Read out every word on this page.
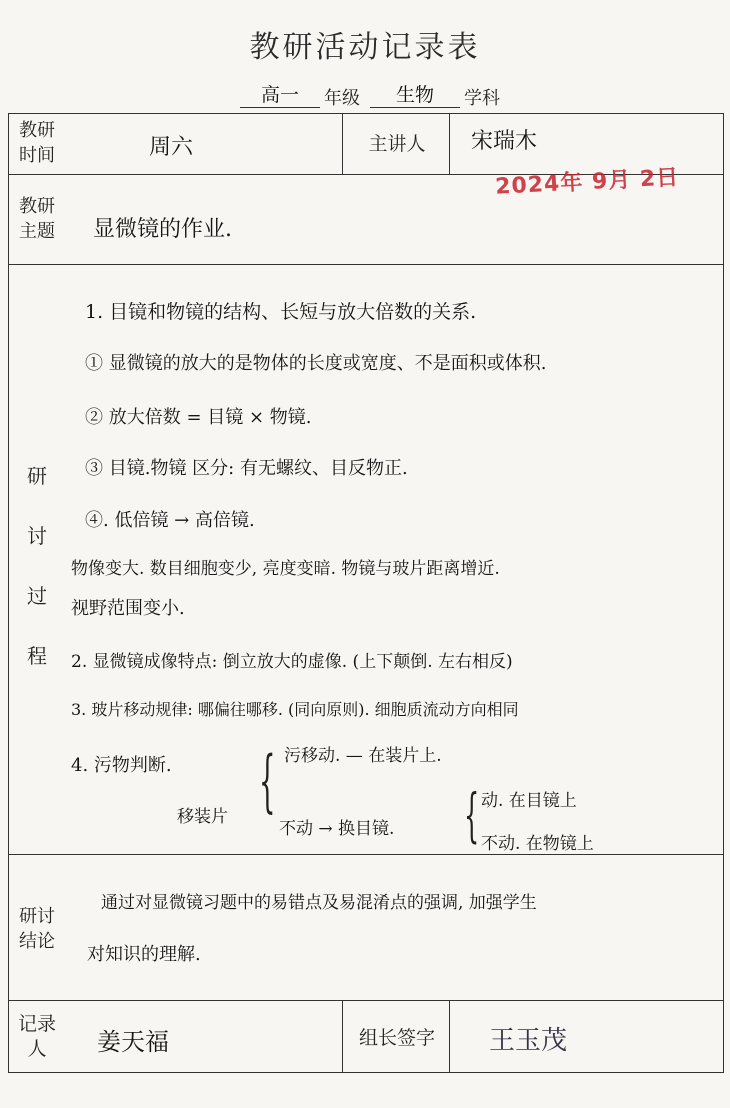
教研活动记录表
高一	年级	生物	学科
教研时间	周六	主讲人	宋瑞木
教研主题 显微镜的作业.
研
讨
过
程
1. 目镜和物镜的结构、长短与放大倍数的关系.
① 显微镜的放大的是物体的长度或宽度、不是面积或体积.
② 放大倍数 = 目镜 × 物镜.
③ 目镜.物镜 区分: 有无螺纹、目反物正.
④. 低倍镜 → 高倍镜.
物像变大. 数目细胞变少, 亮度变暗. 物镜与玻片距离增近.
视野范围变小.
2. 显微镜成像特点: 倒立放大的虚像. (上下颠倒. 左右相反)
3. 玻片移动规律: 哪偏往哪移. (同向原则). 细胞质流动方向相同
4. 污物判断.	{ 污移动. — 在装片上.
移装片
不动 → 换目镜.	{ 动. 在目镜上
不动. 在物镜上
研讨结论
通过对显微镜习题中的易错点及易混淆点的强调, 加强学生
对知识的理解.
记录人	姜天福	组长签字	王玉茂
2024年 9月 2日
